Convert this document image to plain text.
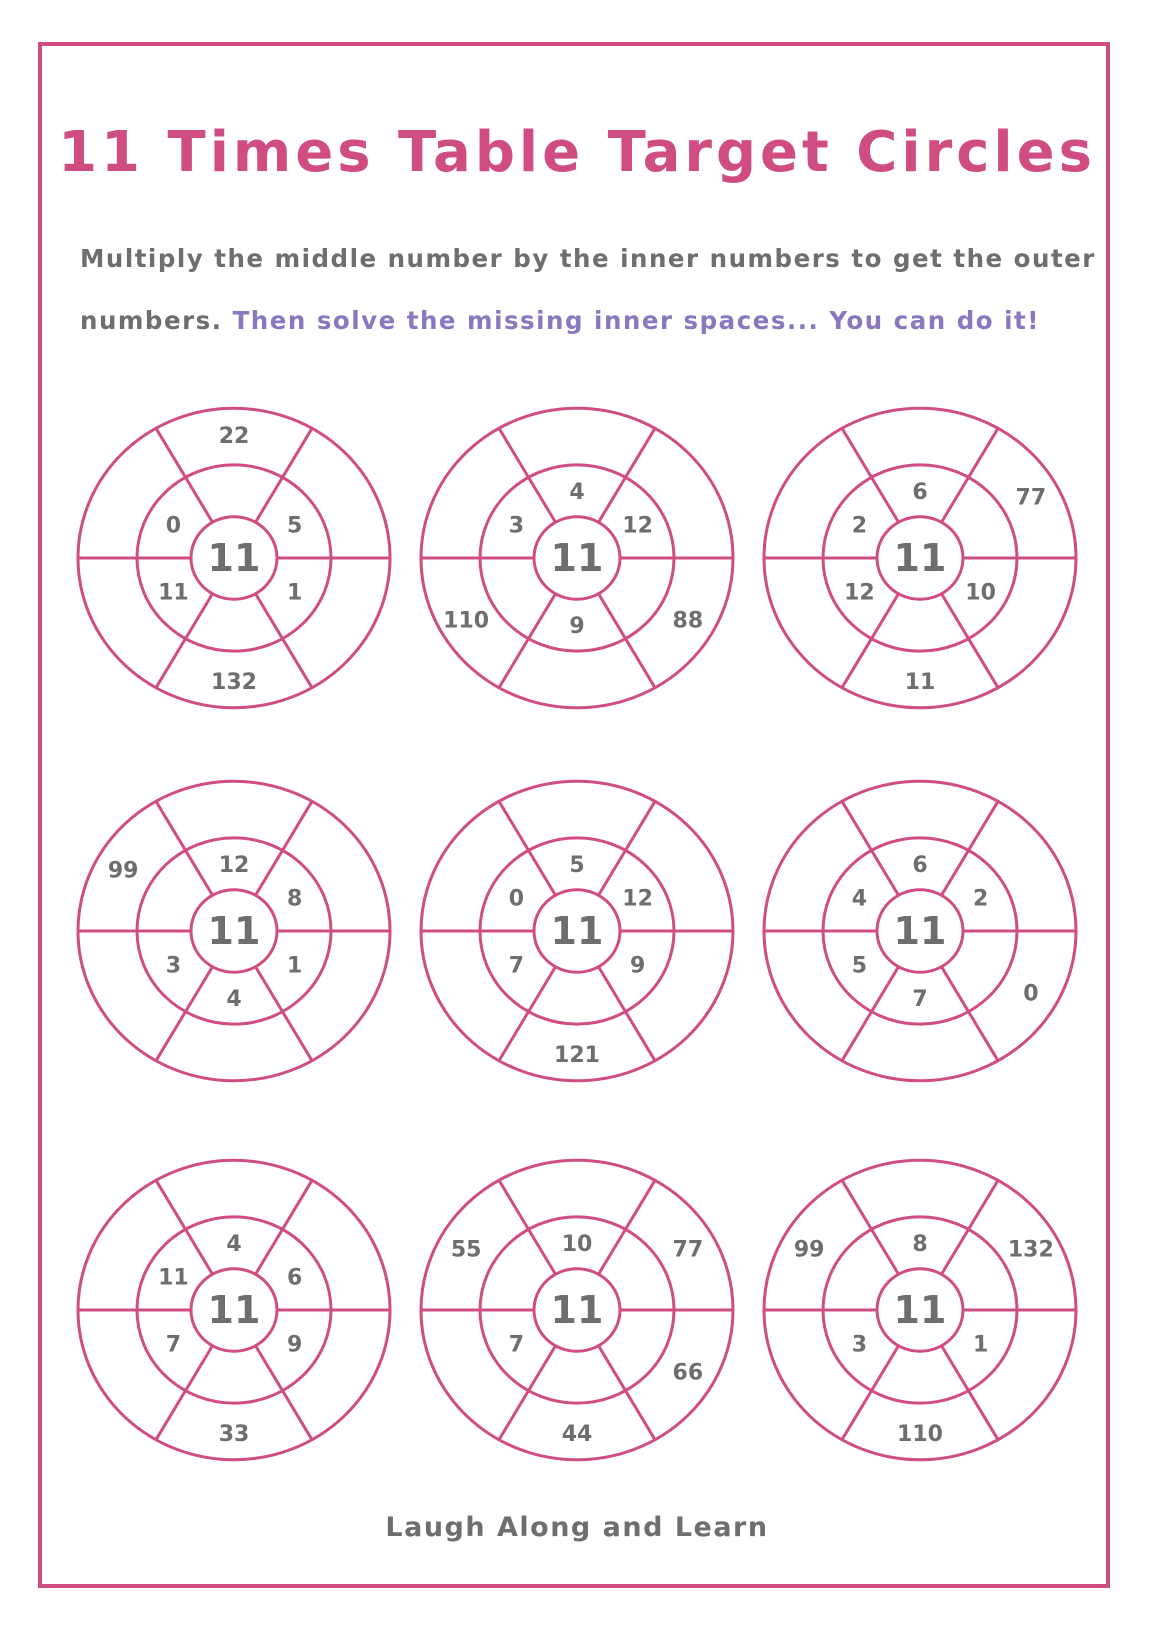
11 Times Table Target Circles

Multiply the middle number by the inner numbers to get the outer

numbers. Then solve the missing inner spaces... You can do it!

11
22
5
1
132
11
0
11
4
12
88
9
110
3
11
6	77
10
11
12
2
11
12
8
1
4
3
99
11
5
12
9
121
7
0
11
6
2
0
7
5
4
11
4
6
9
33
7
11
11
10	77
66
44
7
55
11
8	132
1
110
3
99
Laugh Along and Learn
